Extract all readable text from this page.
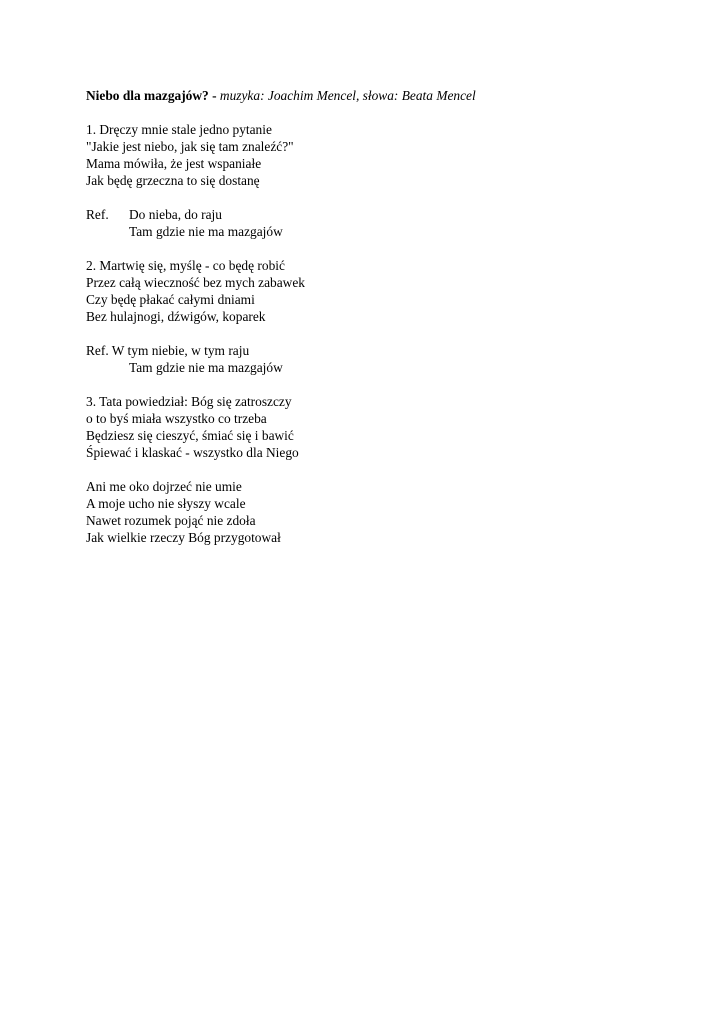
Niebo dla mazgajów? - muzyka: Joachim Mencel, słowa: Beata Mencel
1. Dręczy mnie stale jedno pytanie
"Jakie jest niebo, jak się tam znaleźć?"
Mama mówiła, że jest wspaniałe
Jak będę grzeczna to się dostanę
Ref.	Do nieba, do raju
Tam gdzie nie ma mazgajów
2. Martwię się, myślę - co będę robić
Przez całą wieczność bez mych zabawek
Czy będę płakać całymi dniami
Bez hulajnogi, dźwigów, koparek
Ref. W tym niebie, w tym raju
Tam gdzie nie ma mazgajów
3. Tata powiedział: Bóg się zatroszczy
o to byś miała wszystko co trzeba
Będziesz się cieszyć, śmiać się i bawić
Śpiewać i klaskać - wszystko dla Niego
Ani me oko dojrzeć nie umie
A moje ucho nie słyszy wcale
Nawet rozumek pojąć nie zdoła
Jak wielkie rzeczy Bóg przygotował
